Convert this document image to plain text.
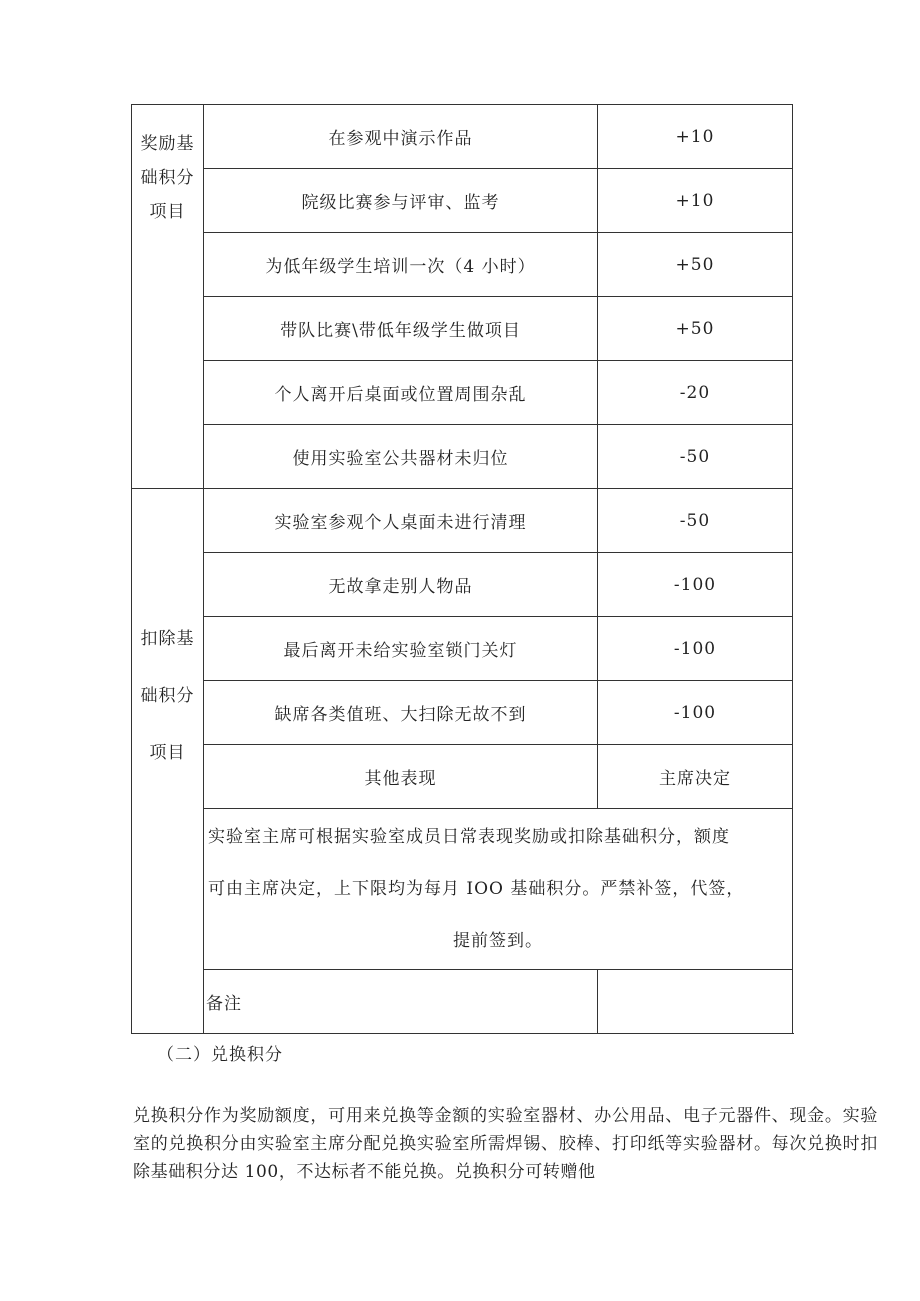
奖励基础积分项目	在参观中演示作品	+10
	院级比赛参与评审、监考	+10
	为低年级学生培训一次（4 小时）	+50
	带队比赛\带低年级学生做项目	+50
	个人离开后桌面或位置周围杂乱	-20
	使用实验室公共器材未归位	-50

扣除基础积分项目	实验室参观个人桌面未进行清理	-50
	无故拿走别人物品	-100
	最后离开未给实验室锁门关灯	-100
	缺席各类值班、大扫除无故不到	-100
	其他表现	主席决定
	实验室主席可根据实验室成员日常表现奖励或扣除基础积分，额度
可由主席决定，上下限均为每月 IOO 基础积分。严禁补签，代签，

提前签到。	

	备注	
（二）兑换积分
兑换积分作为奖励额度，可用来兑换等金额的实验室器材、办公用品、电子元器件、现金。实验室的兑换积分由实验室主席分配兑换实验室所需焊锡、胶棒、打印纸等实验器材。每次兑换时扣除基础积分达 100，不达标者不能兑换。兑换积分可转赠他
